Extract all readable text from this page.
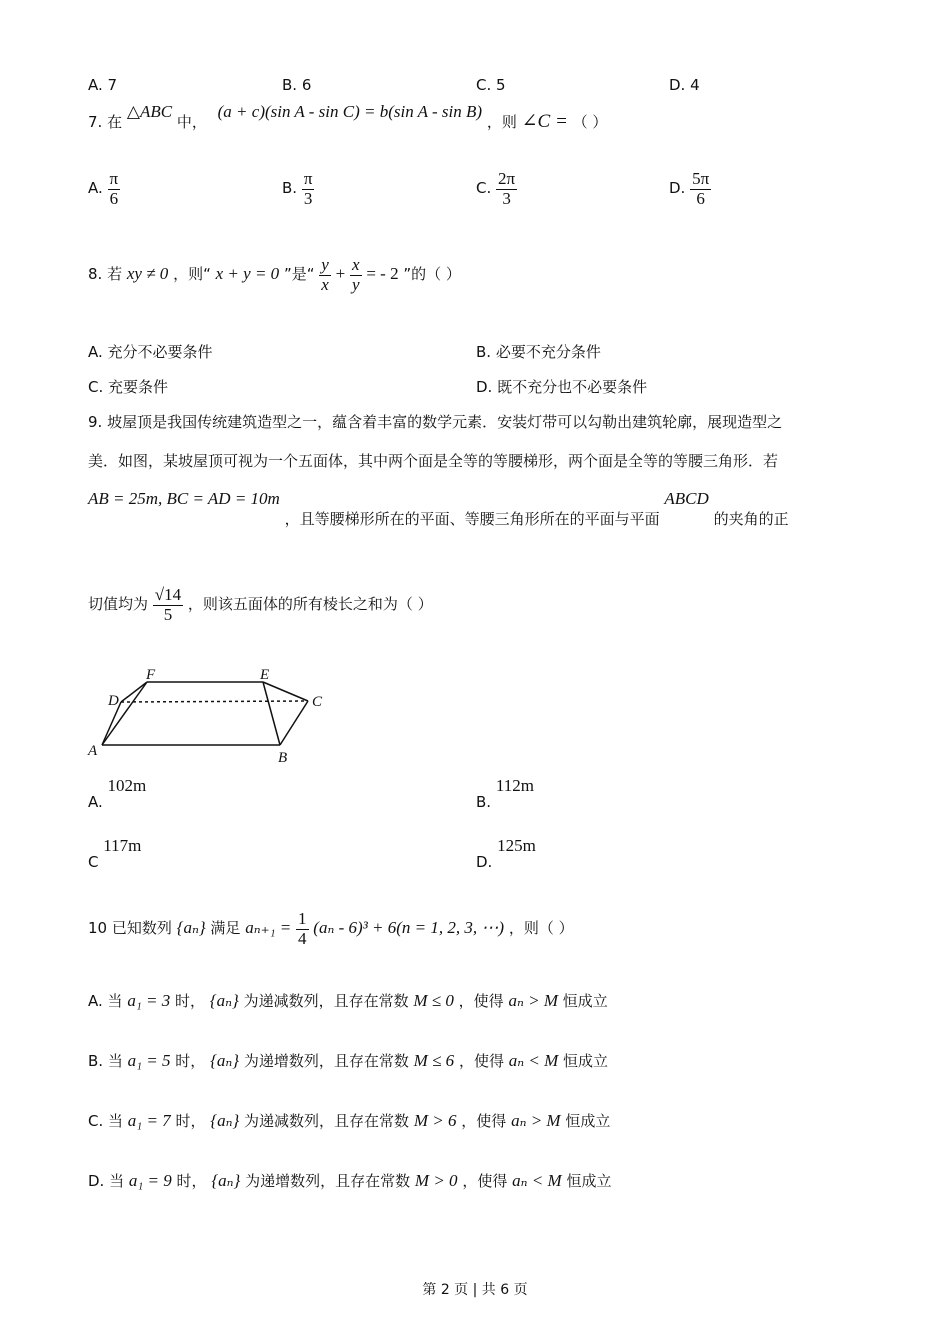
A. 7	B. 6	C. 5	D. 4
7. 在 △ABC 中， (a + c)(sin A - sin C) = b(sin A - sin B) ，则 ∠C = （ ）
A. $\frac{\pi}{6}$	B. $\frac{\pi}{3}$	C. $\frac{2\pi}{3}$	D. $\frac{5\pi}{6}$
8. 若 xy ≠ 0 ，则“ x + y = 0 ”是“ $\frac{y}{x} + \frac{x}{y}$ = - 2 ”的（ ）
A. 充分不必要条件	B. 必要不充分条件
C. 充要条件	D. 既不充分也不必要条件
9. 坡屋顶是我国传统建筑造型之一，蕴含着丰富的数学元素．安装灯带可以勾勒出建筑轮廓，展现造型之
美．如图，某坡屋顶可视为一个五面体，其中两个面是全等的等腰梯形，两个面是全等的等腰三角形．若
AB = 25m, BC = AD = 10m ，且等腰梯形所在的平面、等腰三角形所在的平面与平面 ABCD 的夹角的正
切值均为 $\frac{√14}{5}$ ，则该五面体的所有棱长之和为（ ）
A	B
C
D
E
F
A. 102m
B. 112m
C 117m
D. 125m
10 已知数列 {aₙ} 满足 $a_{n+1} = \frac{1}{4} (a_n - 6)^3 + 6(n = 1$, 2, 3, ⋯) ，则（ ）
A. 当 a₁ = 3 时， {aₙ} 为递减数列，且存在常数 M ≤ 0 ，使得 aₙ > M 恒成立
B. 当 a₁ = 5 时， {aₙ} 为递增数列，且存在常数 M ≤ 6 ，使得 aₙ < M 恒成立
C. 当 a₁ = 7 时， {aₙ} 为递减数列，且存在常数 M > 6 ，使得 aₙ > M 恒成立
D. 当 a₁ = 9 时， {aₙ} 为递增数列，且存在常数 M > 0 ，使得 aₙ < M 恒成立
第 2 页 | 共 6 页
